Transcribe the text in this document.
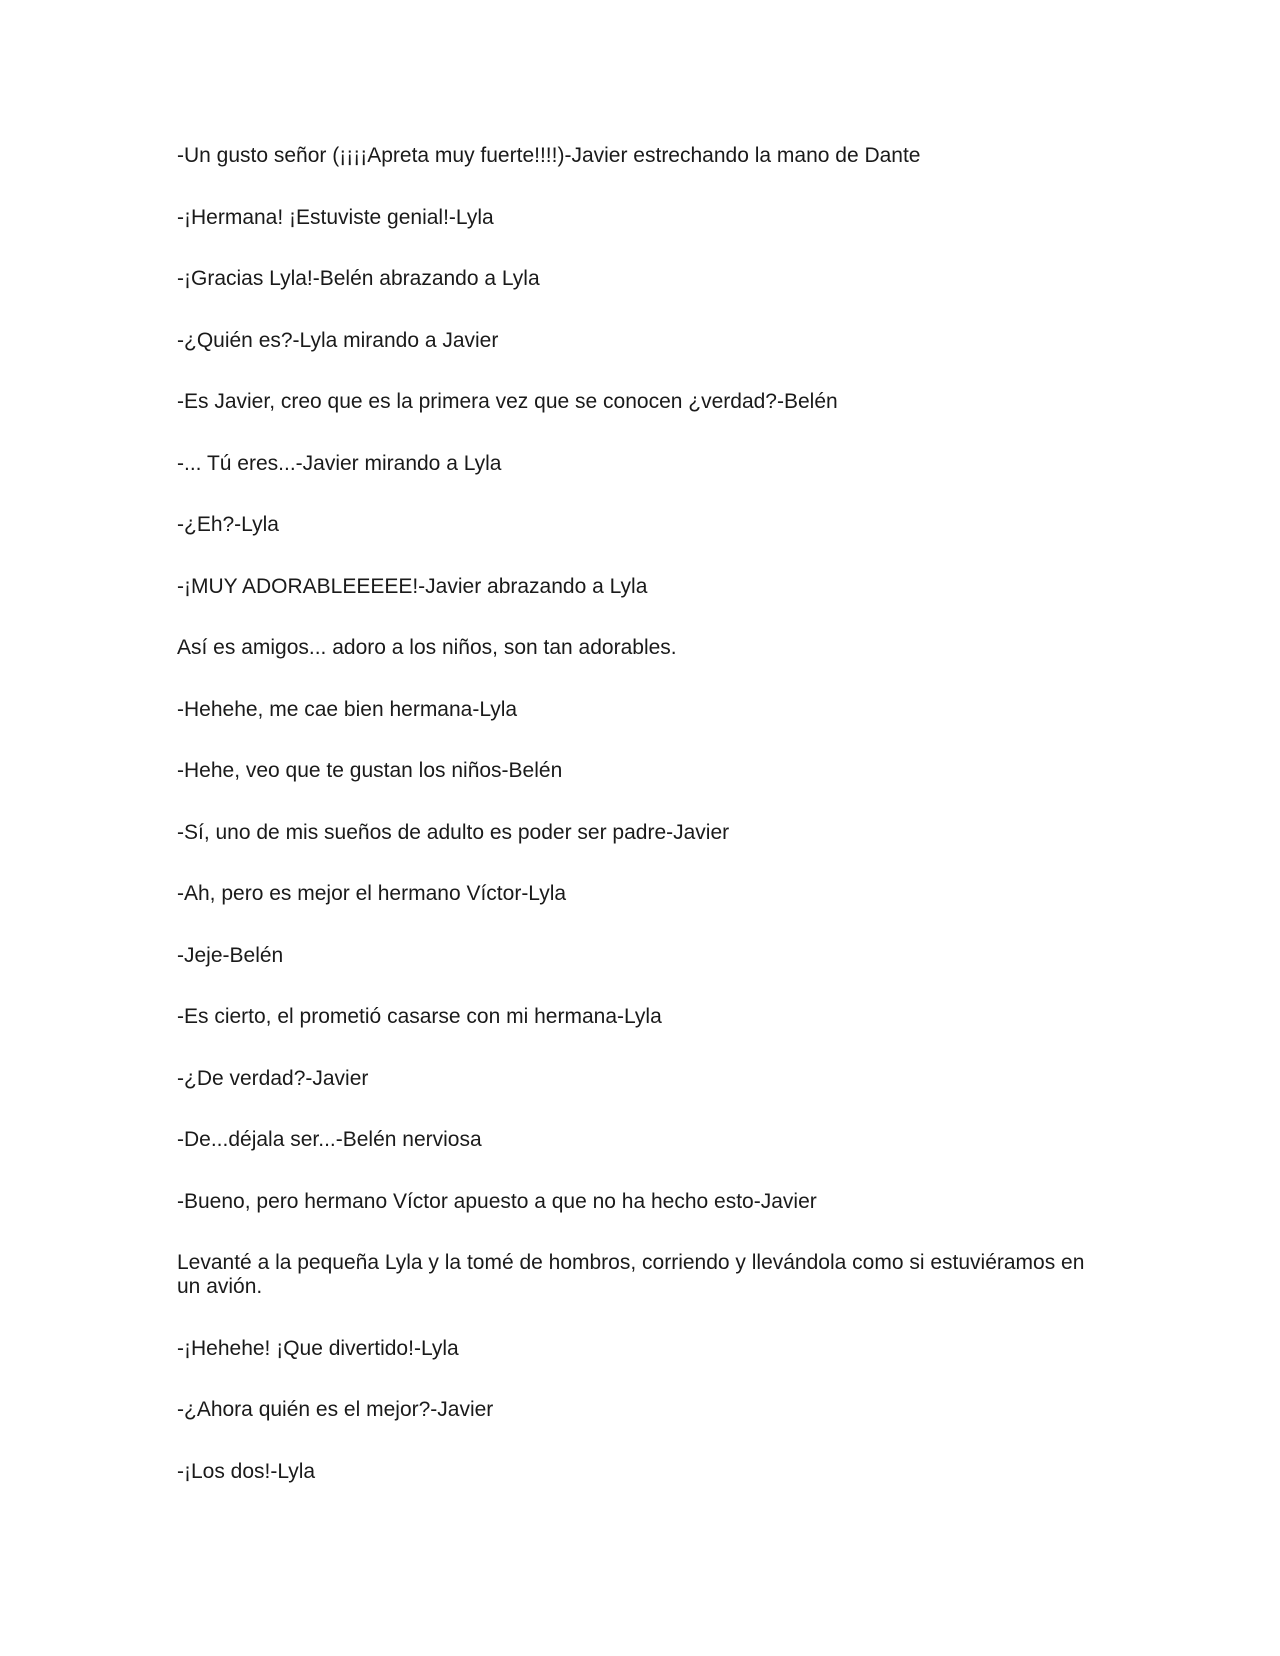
-Un gusto señor (¡¡¡¡Apreta muy fuerte!!!!)-Javier estrechando la mano de Dante

-¡Hermana! ¡Estuviste genial!-Lyla

-¡Gracias Lyla!-Belén abrazando a Lyla

-¿Quién es?-Lyla mirando a Javier

-Es Javier, creo que es la primera vez que se conocen ¿verdad?-Belén

-... Tú eres...-Javier mirando a Lyla

-¿Eh?-Lyla

-¡MUY ADORABLEEEEE!-Javier abrazando a Lyla

Así es amigos... adoro a los niños, son tan adorables.

-Hehehe, me cae bien hermana-Lyla

-Hehe, veo que te gustan los niños-Belén

-Sí, uno de mis sueños de adulto es poder ser padre-Javier

-Ah, pero es mejor el hermano Víctor-Lyla

-Jeje-Belén

-Es cierto, el prometió casarse con mi hermana-Lyla

-¿De verdad?-Javier

-De...déjala ser...-Belén nerviosa

-Bueno, pero hermano Víctor apuesto a que no ha hecho esto-Javier

Levanté a la pequeña Lyla y la tomé de hombros, corriendo y llevándola como si estuviéramos en un avión.

-¡Hehehe! ¡Que divertido!-Lyla

-¿Ahora quién es el mejor?-Javier

-¡Los dos!-Lyla
